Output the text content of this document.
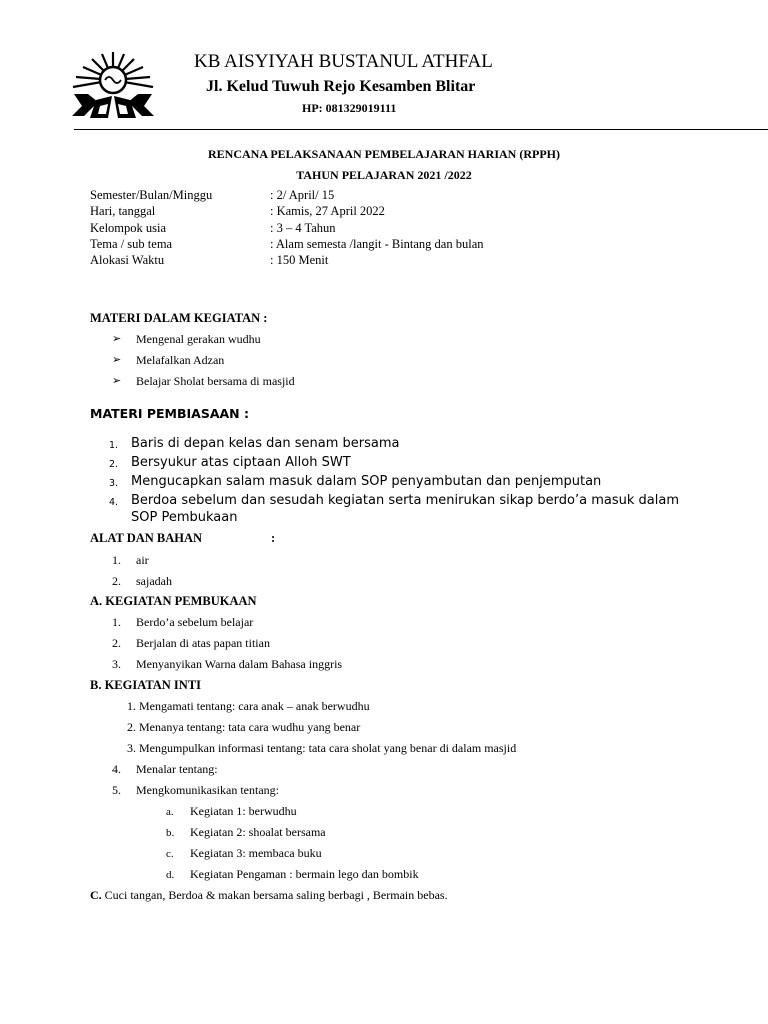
KB AISYIYAH BUSTANUL ATHFAL
Jl. Kelud Tuwuh Rejo Kesamben Blitar
HP: 081329019111
RENCANA PELAKSANAAN PEMBELAJARAN HARIAN (RPPH)
TAHUN PELAJARAN 2021 /2022
Semester/Bulan/Minggu	: 2/ April/ 15
Hari, tanggal	: Kamis, 27 April 2022
Kelompok usia	: 3 – 4 Tahun
Tema / sub tema	: Alam semesta /langit - Bintang dan bulan
Alokasi Waktu	: 150 Menit
MATERI DALAM KEGIATAN :
➢	Mengenal gerakan wudhu
➢	Melafalkan Adzan
➢	Belajar Sholat bersama di masjid
MATERI PEMBIASAAN :
1. Baris di depan kelas dan senam bersama
2. Bersyukur atas ciptaan Alloh SWT
3. Mengucapkan salam masuk dalam SOP penyambutan dan penjemputan
4. Berdoa sebelum dan sesudah kegiatan serta menirukan sikap berdo’a masuk dalam SOP Pembukaan
ALAT DAN BAHAN	:
1. air
2. sajadah
A. KEGIATAN PEMBUKAAN
1. Berdo’a sebelum belajar
2. Berjalan di atas papan titian
3. Menyanyikan Warna dalam Bahasa inggris
B. KEGIATAN INTI
1. Mengamati tentang: cara anak – anak berwudhu
2. Menanya tentang: tata cara wudhu yang benar
3. Mengumpulkan informasi tentang: tata cara sholat yang benar di dalam masjid
4. Menalar tentang:
5. Mengkomunikasikan tentang:
a. Kegiatan 1: berwudhu
b. Kegiatan 2: shoalat bersama
c. Kegiatan 3: membaca buku
d. Kegiatan Pengaman : bermain lego dan bombik
C. Cuci tangan, Berdoa & makan bersama saling berbagi , Bermain bebas.
